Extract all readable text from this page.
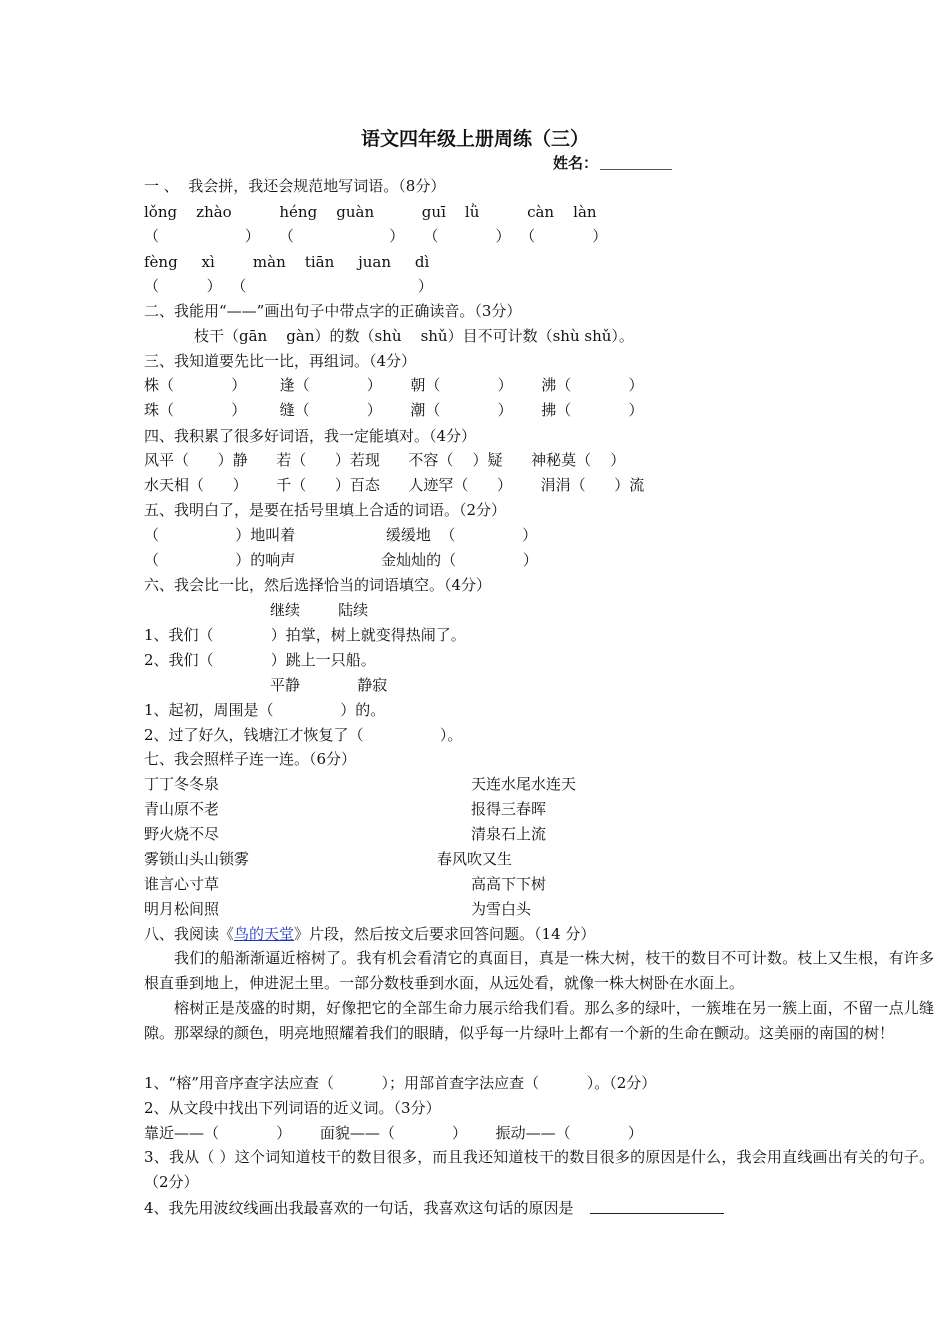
语文四年级上册周练（三）
姓名：
一 、  我会拼，我还会规范地写词语。（8分）
lǒng    zhào          héng    guàn          guī    lǜ          càn    làn
（                  ）    （                    ）    （            ）  （            ）
fèng     xì        màn    tiān     juan     dì
（          ）  （                                    ）
二、我能用“——”画出句子中带点字的正确读音。（3分）
枝干（gān    gàn）的数（shù    shǔ）目不可计数（shù shǔ）。
三、我知道要先比一比，再组词。（4分）
株（            ）       逢（            ）      朝（            ）      沸（            ）
珠（            ）       缝（            ）      潮（            ）      拂（            ）
四、我积累了很多好词语，我一定能填对。（4分）
风平（      ）静      若（      ）若现      不容（    ）疑      神秘莫（    ）
水天相（      ）      千（      ）百态      人迹罕（      ）      涓涓（      ）流
五、我明白了，是要在括号里填上合适的词语。（2分）
（                ）地叫着                   缓缓地  （              ）
（                ）的响声                  金灿灿的（              ）
六、我会比一比，然后选择恰当的词语填空。（4分）
继续        陆续
1、我们（            ）拍掌，树上就变得热闹了。
2、我们（            ）跳上一只船。
平静            静寂
1、起初，周围是（              ）的。
2、过了好久，钱塘江才恢复了（                ）。
七、我会照样子连一连。（6分）
丁丁冬冬泉	天连水尾水连天
青山原不老	报得三春晖
野火烧不尽	清泉石上流
雾锁山头山锁雾	春风吹又生
谁言心寸草	高高下下树
明月松间照	为雪白头
八、我阅读《鸟的天堂》片段，然后按文后要求回答问题。（14 分）
我们的船渐渐逼近榕树了。我有机会看清它的真面目，真是一株大树，枝干的数目不可计数。枝上又生根，有许多根直垂到地上，伸进泥土里。一部分数枝垂到水面，从远处看，就像一株大树卧在水面上。
榕树正是茂盛的时期，好像把它的全部生命力展示给我们看。那么多的绿叶，一簇堆在另一簇上面，不留一点儿缝隙。那翠绿的颜色，明亮地照耀着我们的眼睛，似乎每一片绿叶上都有一个新的生命在颤动。这美丽的南国的树！
1、“榕”用音序查字法应查（          ）；用部首查字法应查（          ）。（2分）
2、从文段中找出下列词语的近义词。（3分）
靠近——（            ）      面貌——（            ）      振动——（            ）
3、我从（ ）这个词知道枝干的数目很多，而且我还知道枝干的数目很多的原因是什么，我会用直线画出有关的句子。（2分）
4、我先用波纹线画出我最喜欢的一句话，我喜欢这句话的原因是
